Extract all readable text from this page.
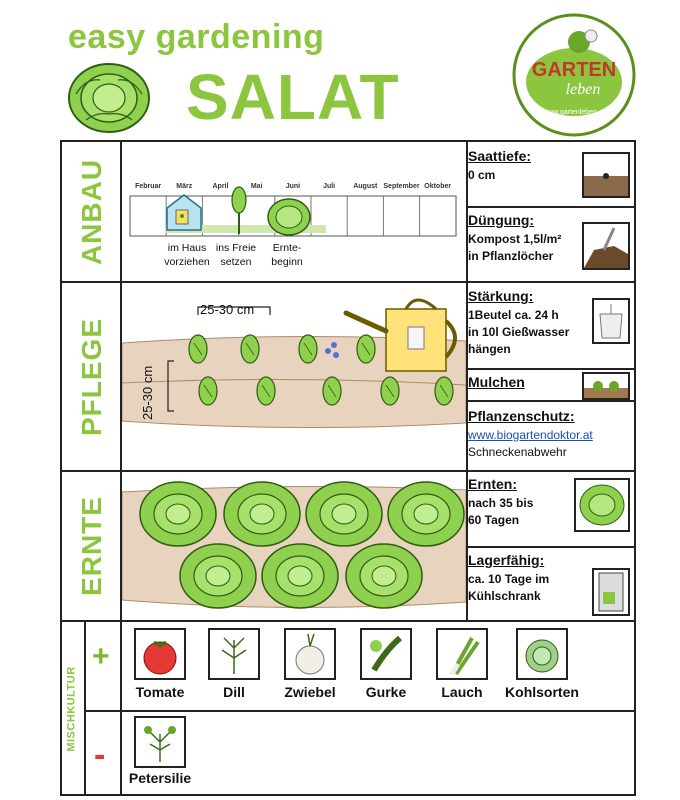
easy gardening
SALAT	GARTEN
leben
www.gartenleben.at
ANBAU
PFLEGE
ERNTE
MISCHKULTUR
Februar	März	April	Mai	Juni	Juli	August September Oktober
im Haus vorziehen
ins Freie setzen
Ernte-beginn
25-30 cm
25-30 cm
Saattiefe:
0 cm
Düngung:
Kompost 1,5l/m²
in Pflanzlöcher
Stärkung:
1Beutel ca. 24 h
in 10l Gießwasser
hängen
Mulchen
Pflanzenschutz:
www.biogartendoktor.at
Schneckenabwehr
Ernten:
nach 35 bis
60 Tagen
Lagerfähig:
ca. 10 Tage im
Kühlschrank
+
-
Tomate	Dill	Zwiebel	Gurke	Lauch	Kohlsorten
Petersilie
